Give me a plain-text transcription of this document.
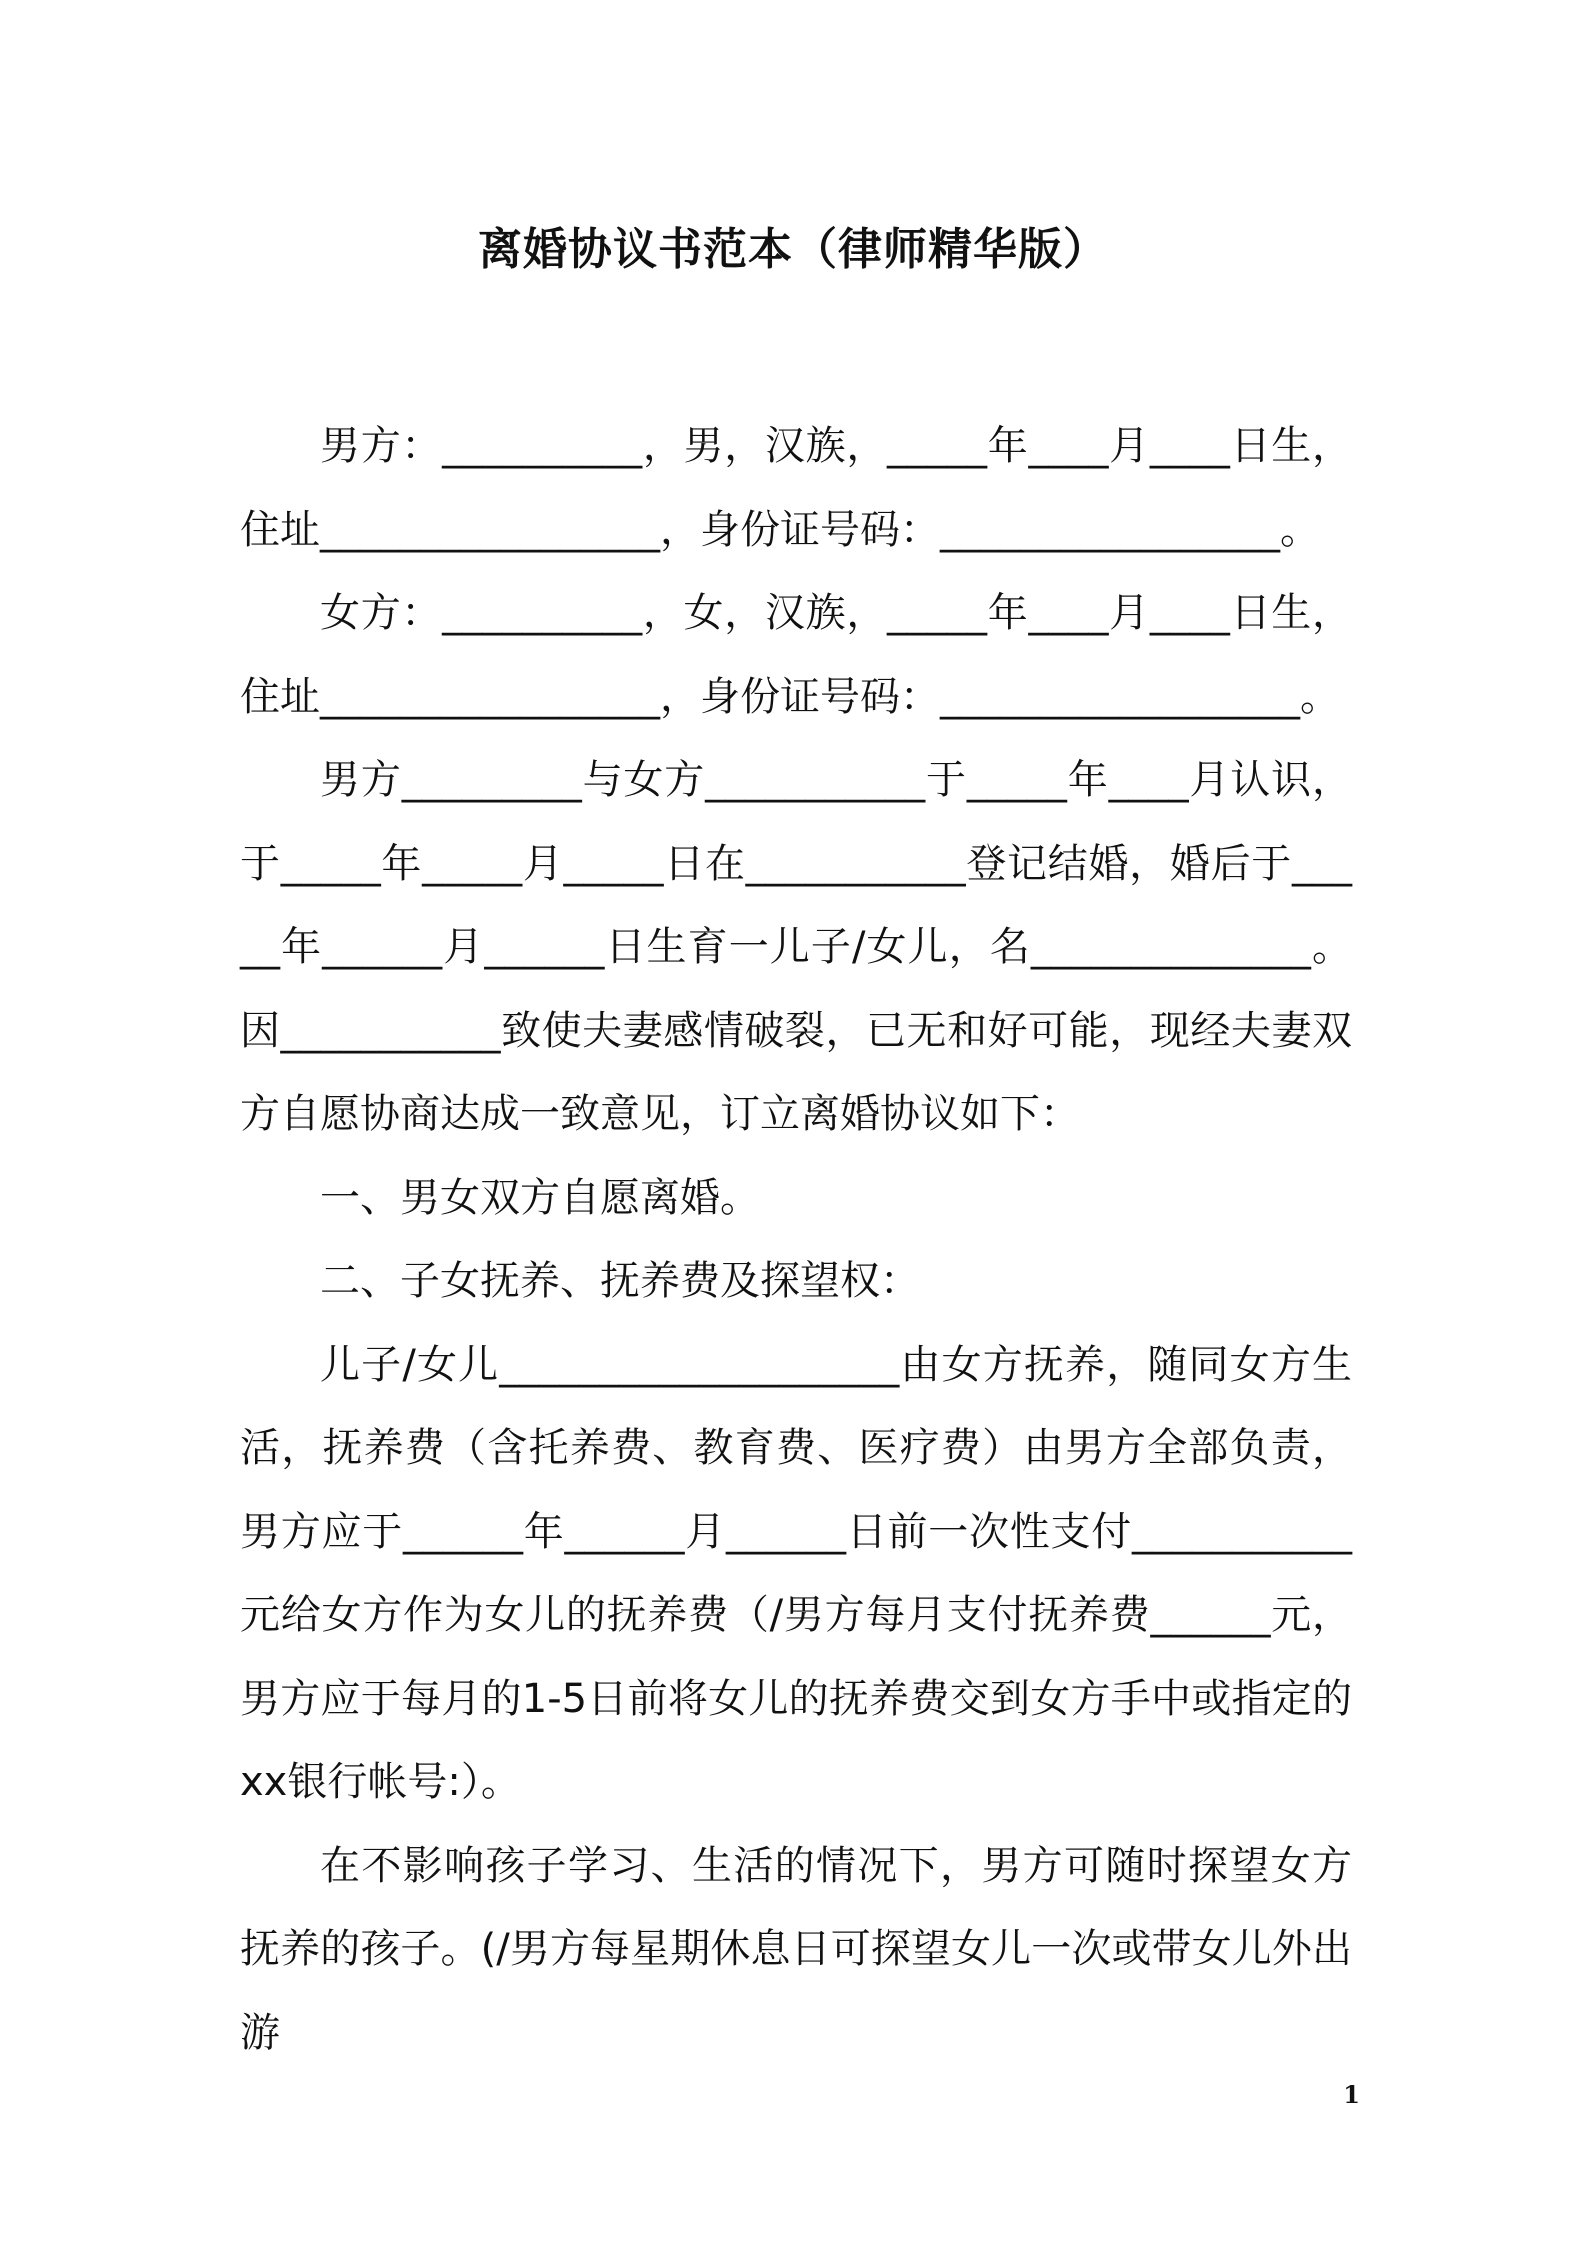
离婚协议书范本（律师精华版）

男方：__________，男，汉族，_____年____月____日生，住址_________________，身份证号码：_________________。

女方：__________，女，汉族，_____年____月____日生，住址_________________，身份证号码：__________________。

男方_________与女方___________于_____年____月认识，于_____年_____月_____日在___________登记结婚，婚后于_____年______月______日生育一儿子/女儿，名______________。因___________致使夫妻感情破裂，已无和好可能，现经夫妻双方自愿协商达成一致意见，订立离婚协议如下：

一、男女双方自愿离婚。

二、子女抚养、抚养费及探望权：

儿子/女儿____________________由女方抚养，随同女方生活，抚养费（含托养费、教育费、医疗费）由男方全部负责，男方应于______年______月______日前一次性支付___________元给女方作为女儿的抚养费（/男方每月支付抚养费______元，男方应于每月的1-5日前将女儿的抚养费交到女方手中或指定的xx银行帐号:）。

在不影响孩子学习、生活的情况下，男方可随时探望女方抚养的孩子。(/男方每星期休息日可探望女儿一次或带女儿外出游

1
